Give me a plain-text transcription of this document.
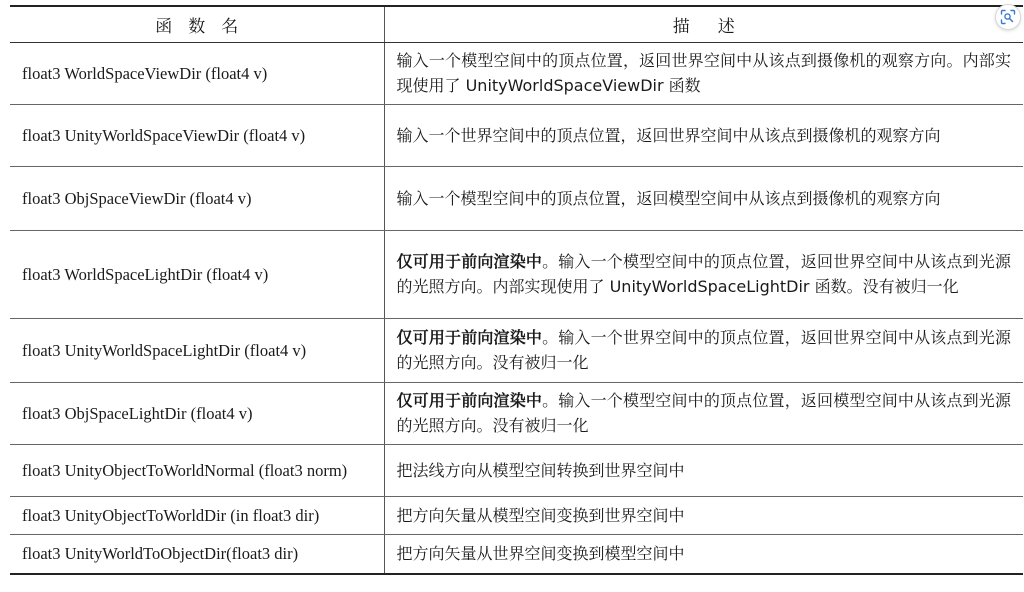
函 数 名	描 述
float3 WorldSpaceViewDir (float4 v)	输入一个模型空间中的顶点位置，返回世界空间中从该点到摄像机的观察方向。内部实现使用了 UnityWorldSpaceViewDir 函数
float3 UnityWorldSpaceViewDir (float4 v)	输入一个世界空间中的顶点位置，返回世界空间中从该点到摄像机的观察方向
float3 ObjSpaceViewDir (float4 v)	输入一个模型空间中的顶点位置，返回模型空间中从该点到摄像机的观察方向
float3 WorldSpaceLightDir (float4 v)	仅可用于前向渲染中。输入一个模型空间中的顶点位置，返回世界空间中从该点到光源的光照方向。内部实现使用了 UnityWorldSpaceLightDir 函数。没有被归一化
float3 UnityWorldSpaceLightDir (float4 v)	仅可用于前向渲染中。输入一个世界空间中的顶点位置，返回世界空间中从该点到光源的光照方向。没有被归一化
float3 ObjSpaceLightDir (float4 v)	仅可用于前向渲染中。输入一个模型空间中的顶点位置，返回模型空间中从该点到光源的光照方向。没有被归一化

float3 UnityObjectToWorldNormal (float3 norm)	把法线方向从模型空间转换到世界空间中
float3 UnityObjectToWorldDir (in float3 dir)	把方向矢量从模型空间变换到世界空间中
float3 UnityWorldToObjectDir(float3 dir)	把方向矢量从世界空间变换到模型空间中
